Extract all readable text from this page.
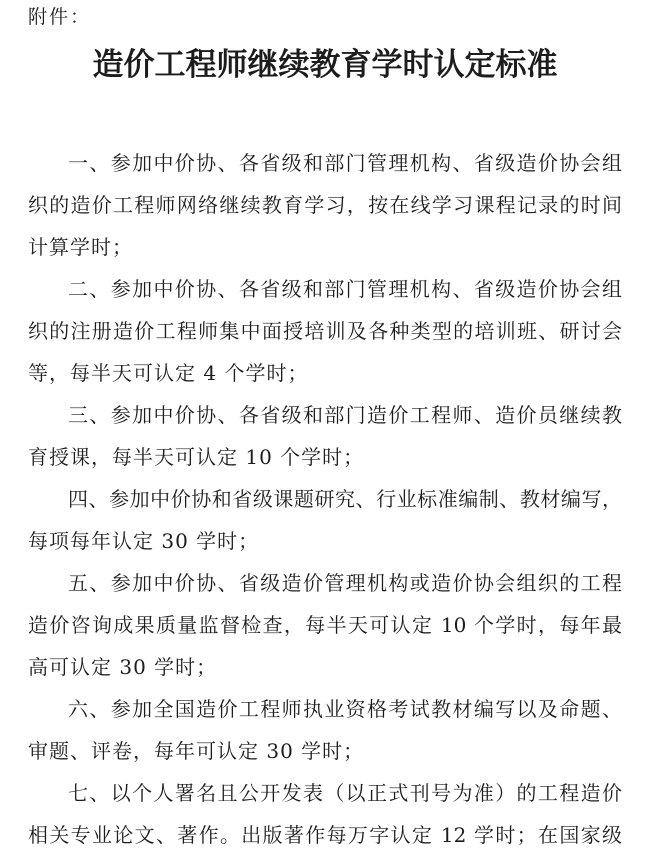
附件：
造价工程师继续教育学时认定标准
一、参加中价协、各省级和部门管理机构、省级造价协会组
织的造价工程师网络继续教育学习，按在线学习课程记录的时间
计算学时；
二、参加中价协、各省级和部门管理机构、省级造价协会组
织的注册造价工程师集中面授培训及各种类型的培训班、研讨会
等，每半天可认定 4 个学时；
三、参加中价协、各省级和部门造价工程师、造价员继续教
育授课，每半天可认定 10 个学时；
四、参加中价协和省级课题研究、行业标准编制、教材编写，
每项每年认定 30 学时；
五、参加中价协、省级造价管理机构或造价协会组织的工程
造价咨询成果质量监督检查，每半天可认定 10 个学时，每年最
高可认定 30 学时；
六、参加全国造价工程师执业资格考试教材编写以及命题、
审题、评卷，每年可认定 30 学时；
七、以个人署名且公开发表（以正式刊号为准）的工程造价
相关专业论文、著作。出版著作每万字认定 12 学时；在国家级
